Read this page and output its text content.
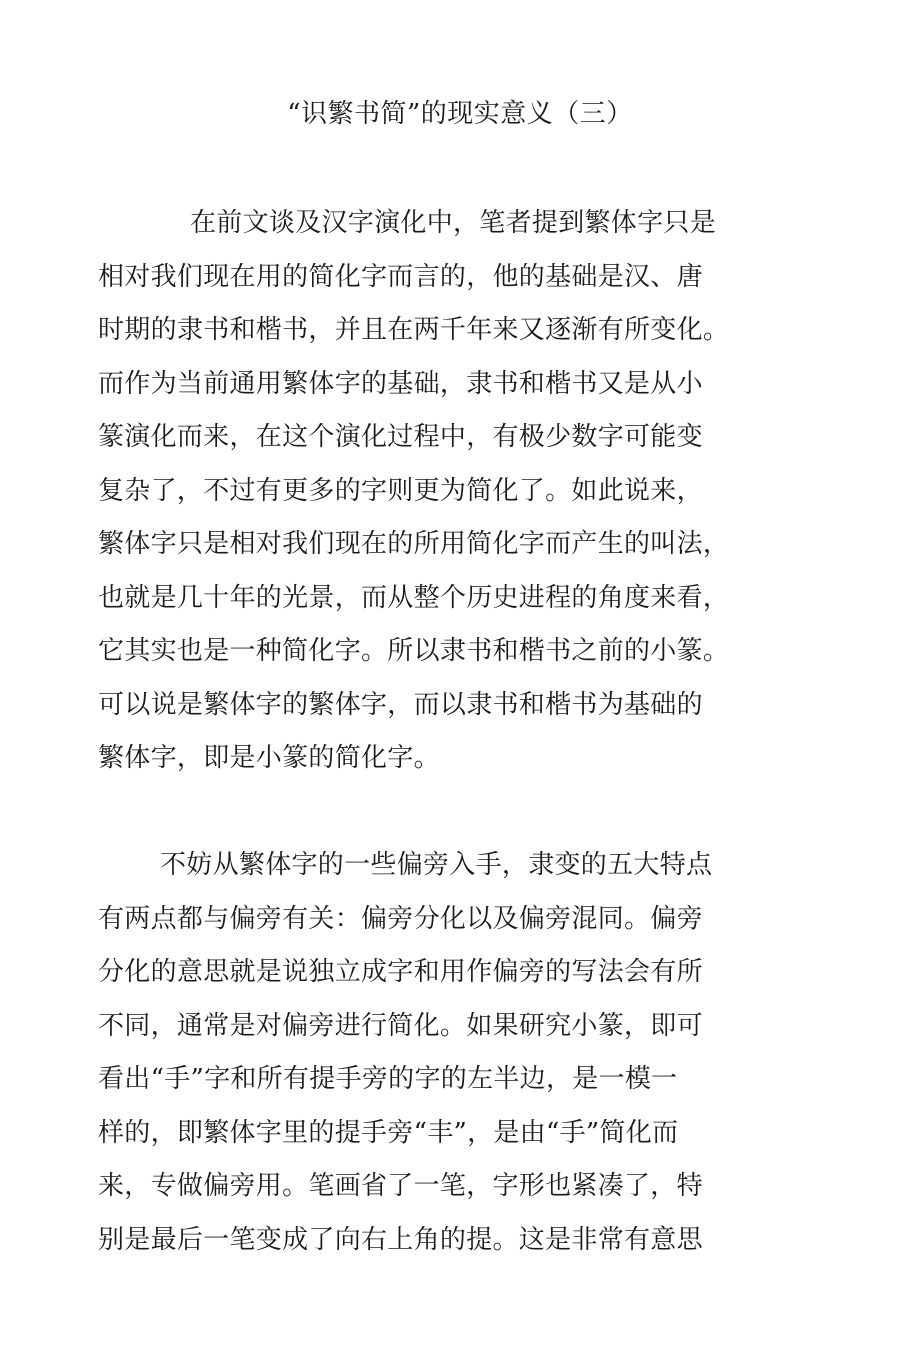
“识繁书简”的现实意义（三）
在前文谈及汉字演化中，笔者提到繁体字只是
相对我们现在用的简化字而言的，他的基础是汉、唐
时期的隶书和楷书，并且在两千年来又逐渐有所变化。
而作为当前通用繁体字的基础，隶书和楷书又是从小
篆演化而来，在这个演化过程中，有极少数字可能变
复杂了，不过有更多的字则更为简化了。如此说来，
繁体字只是相对我们现在的所用简化字而产生的叫法，
也就是几十年的光景，而从整个历史进程的角度来看，
它其实也是一种简化字。所以隶书和楷书之前的小篆。
可以说是繁体字的繁体字，而以隶书和楷书为基础的
繁体字，即是小篆的简化字。
不妨从繁体字的一些偏旁入手，隶变的五大特点
有两点都与偏旁有关：偏旁分化以及偏旁混同。偏旁
分化的意思就是说独立成字和用作偏旁的写法会有所
不同，通常是对偏旁进行简化。如果研究小篆，即可
看出“手”字和所有提手旁的字的左半边，是一模一
样的，即繁体字里的提手旁“丰”，是由“手”简化而
来，专做偏旁用。笔画省了一笔，字形也紧凑了，特
别是最后一笔变成了向右上角的提。这是非常有意思
